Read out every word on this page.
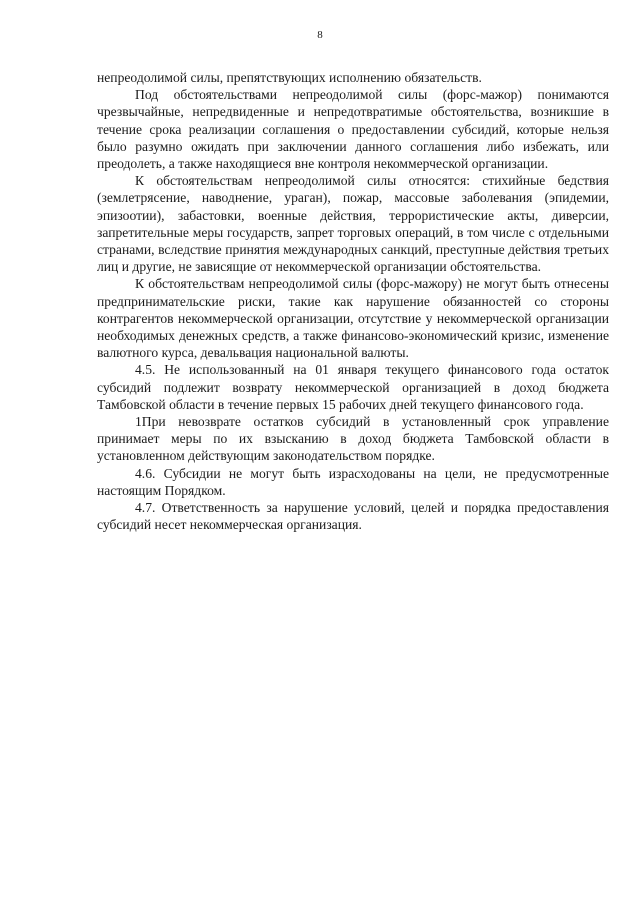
8

непреодолимой силы, препятствующих исполнению обязательств.

Под обстоятельствами непреодолимой силы (форс-мажор) понимаются чрезвычайные, непредвиденные и непредотвратимые обстоятельства, возникшие в течение срока реализации соглашения о предоставлении субсидий, которые нельзя было разумно ожидать при заключении данного соглашения либо избежать, или преодолеть, а также находящиеся вне контроля некоммерческой организации.

К обстоятельствам непреодолимой силы относятся: стихийные бедствия (землетрясение, наводнение, ураган), пожар, массовые заболевания (эпидемии, эпизоотии), забастовки, военные действия, террористические акты, диверсии, запретительные меры государств, запрет торговых операций, в том числе с отдельными странами, вследствие принятия международных санкций, преступные действия третьих лиц и другие, не зависящие от некоммерческой организации обстоятельства.

К обстоятельствам непреодолимой силы (форс-мажору) не могут быть отнесены предпринимательские риски, такие как нарушение обязанностей со стороны контрагентов некоммерческой организации, отсутствие у некоммерческой организации необходимых денежных средств, а также финансово-экономический кризис, изменение валютного курса, девальвация национальной валюты.

4.5. Не использованный на 01 января текущего финансового года остаток субсидий подлежит возврату некоммерческой организацией в доход бюджета Тамбовской области в течение первых 15 рабочих дней текущего финансового года.

1При невозврате остатков субсидий в установленный срок управление принимает меры по их взысканию в доход бюджета Тамбовской области в установленном действующим законодательством порядке.

4.6. Субсидии не могут быть израсходованы на цели, не предусмотренные настоящим Порядком.

4.7. Ответственность за нарушение условий, целей и порядка предоставления субсидий несет некоммерческая организация.
